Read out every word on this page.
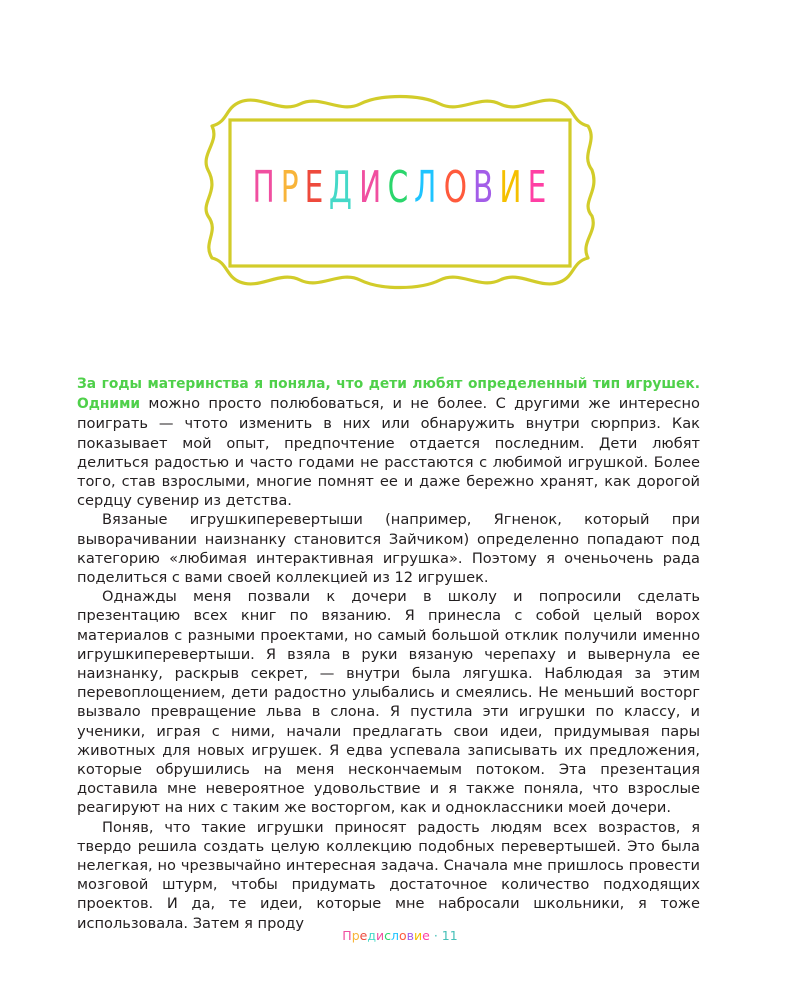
П РЕ Д И С Л О В И Е

За годы материнства я поняла, что дети любят определенный тип игрушек. Одними можно просто полюбоваться, и не более. С другими же интересно поиграть — чтото изменить в них или обнаружить внутри сюрприз. Как показывает мой опыт, предпочтение отдается последним. Дети любят делиться радостью и часто годами не расстаются с любимой игрушкой. Более того, став взрослыми, многие помнят ее и даже бережно хранят, как дорогой сердцу сувенир из детства.

Вязаные игрушкиперевертыши (например, Ягненок, который при выворачивании наизнанку становится Зайчиком) определенно попадают под категорию «любимая интерактивная игрушка». Поэтому я оченьочень рада поделиться с вами своей коллекцией из 12 игрушек.

Однажды меня позвали к дочери в школу и попросили сделать презентацию всех книг по вязанию. Я принесла с собой целый ворох материалов с разными проектами, но самый большой отклик получили именно игрушкиперевертыши. Я взяла в руки вязаную черепаху и вывернула ее наизнанку, раскрыв секрет, — внутри была лягушка. Наблюдая за этим перевоплощением, дети радостно улыбались и смеялись. Не меньший восторг вызвало превращение льва в слона. Я пустила эти игрушки по классу, и ученики, играя с ними, начали предлагать свои идеи, придумывая пары животных для новых игрушек. Я едва успевала записывать их предложения, которые обрушились на меня нескончаемым потоком. Эта презентация доставила мне невероятное удовольствие и я также поняла, что взрослые реагируют на них с таким же восторгом, как и одноклассники моей дочери.

Поняв, что такие игрушки приносят радость людям всех возрастов, я твердо решила создать целую коллекцию подобных перевертышей. Это была нелегкая, но чрезвычайно интересная задача. Сначала мне пришлось провести мозговой штурм, чтобы придумать достаточное количество подходящих проектов. И да, те идеи, которые мне набросали школьники, я тоже использовала. Затем я проду

Предисловие · 11
